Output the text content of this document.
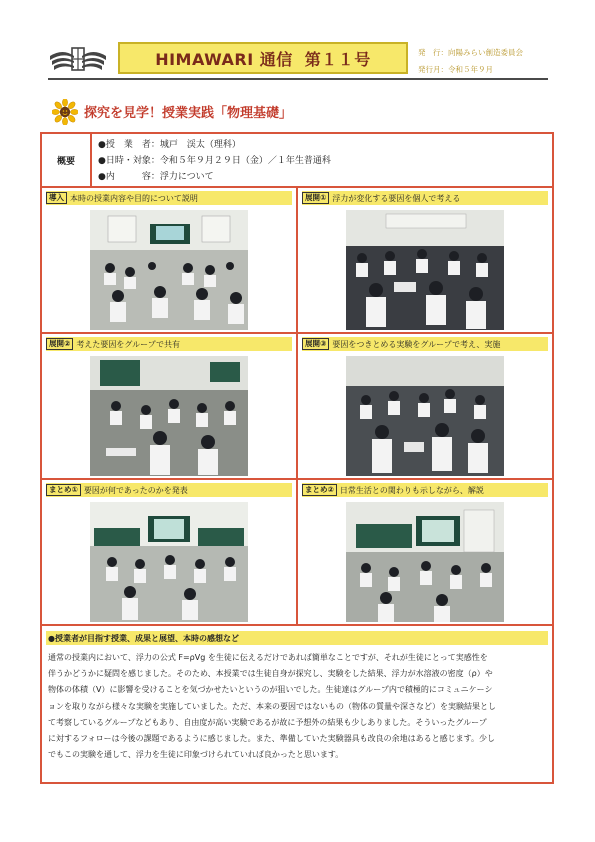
HIMAWARI 通信 第１１号	発　行：向陽みらい創造委員会
発行月：令和５年９月
探究を見学！授業実践「物理基礎」
概要
●授　業　者：城戸　渓太（理科）
●日時・対象：令和５年９月２９日（金）／１年生普通科
●内　　　容：浮力について
導入 本時の授業内容や目的について説明	展開① 浮力が変化する要因を個人で考える
展開② 考えた要因をグループで共有	展開③ 要因をつきとめる実験をグループで考え、実施
まとめ① 要因が何であったのかを発表	まとめ② 日常生活との関わりも示しながら、解説
●授業者が目指す授業、成果と展望、本時の感想など
通常の授業内において、浮力の公式 F=ρVg を生徒に伝えるだけであれば簡単なことですが、それが生徒にとって実感性を
伴うかどうかに疑問を感じました。そのため、本授業では生徒自身が探究し、実験をした結果、浮力が水溶液の密度（ρ）や
物体の体積（V）に影響を受けることを気づかせたいというのが狙いでした。生徒達はグループ内で積極的にコミュニケーシ
ョンを取りながら様々な実験を実施していました。ただ、本来の要因ではないもの（物体の質量や深さなど）を実験結果とし
て考察しているグループなどもあり、自由度が高い実験であるが故に予想外の結果も少しありました。そういったグループ
に対するフォローは今後の課題であるように感じました。また、準備していた実験器具も改良の余地はあると感じます。少し
でもこの実験を通して、浮力を生徒に印象づけられていれば良かったと思います。
